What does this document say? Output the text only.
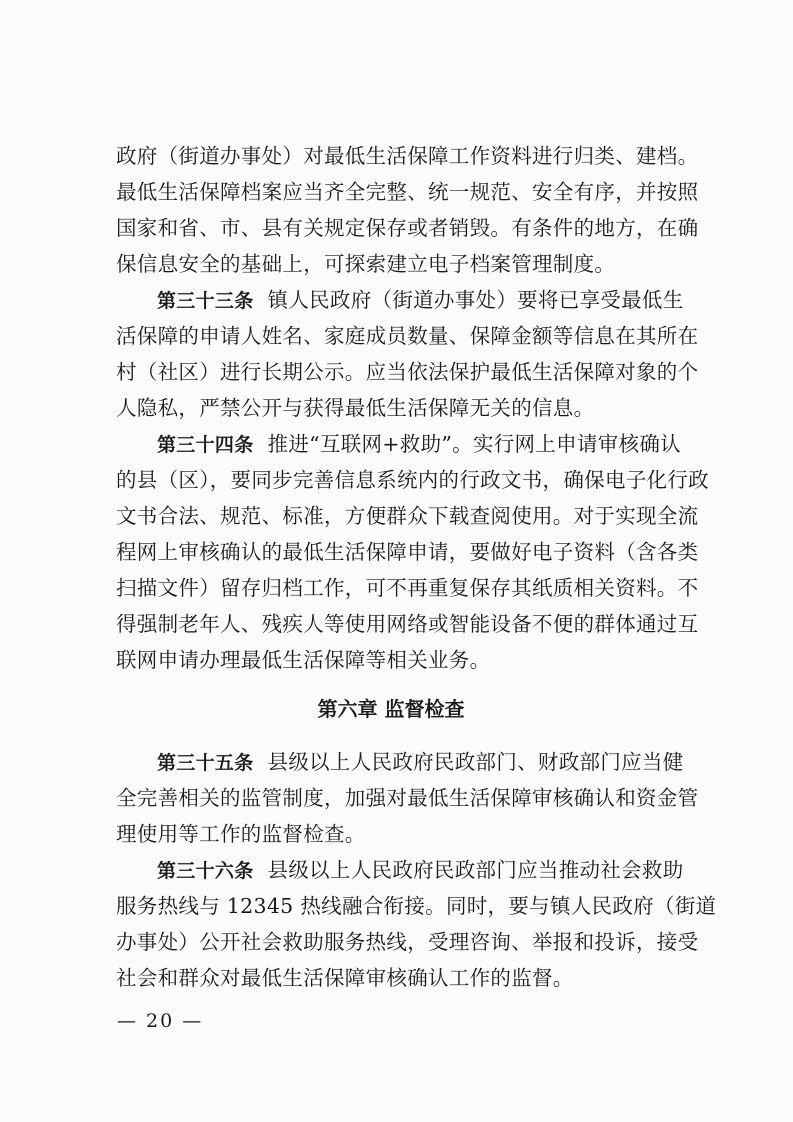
政府（街道办事处）对最低生活保障工作资料进行归类、建档。
最低生活保障档案应当齐全完整、统一规范、安全有序，并按照
国家和省、市、县有关规定保存或者销毁。有条件的地方，在确
保信息安全的基础上，可探索建立电子档案管理制度。
第三十三条 镇人民政府（街道办事处）要将已享受最低生
活保障的申请人姓名、家庭成员数量、保障金额等信息在其所在
村（社区）进行长期公示。应当依法保护最低生活保障对象的个
人隐私，严禁公开与获得最低生活保障无关的信息。
第三十四条 推进“互联网+救助”。实行网上申请审核确认
的县（区），要同步完善信息系统内的行政文书，确保电子化行政
文书合法、规范、标准，方便群众下载查阅使用。对于实现全流
程网上审核确认的最低生活保障申请，要做好电子资料（含各类
扫描文件）留存归档工作，可不再重复保存其纸质相关资料。不
得强制老年人、残疾人等使用网络或智能设备不便的群体通过互
联网申请办理最低生活保障等相关业务。
第六章 监督检查
第三十五条 县级以上人民政府民政部门、财政部门应当健
全完善相关的监管制度，加强对最低生活保障审核确认和资金管
理使用等工作的监督检查。
第三十六条 县级以上人民政府民政部门应当推动社会救助
服务热线与 12345 热线融合衔接。同时，要与镇人民政府（街道
办事处）公开社会救助服务热线，受理咨询、举报和投诉，接受
社会和群众对最低生活保障审核确认工作的监督。
— 20 —
